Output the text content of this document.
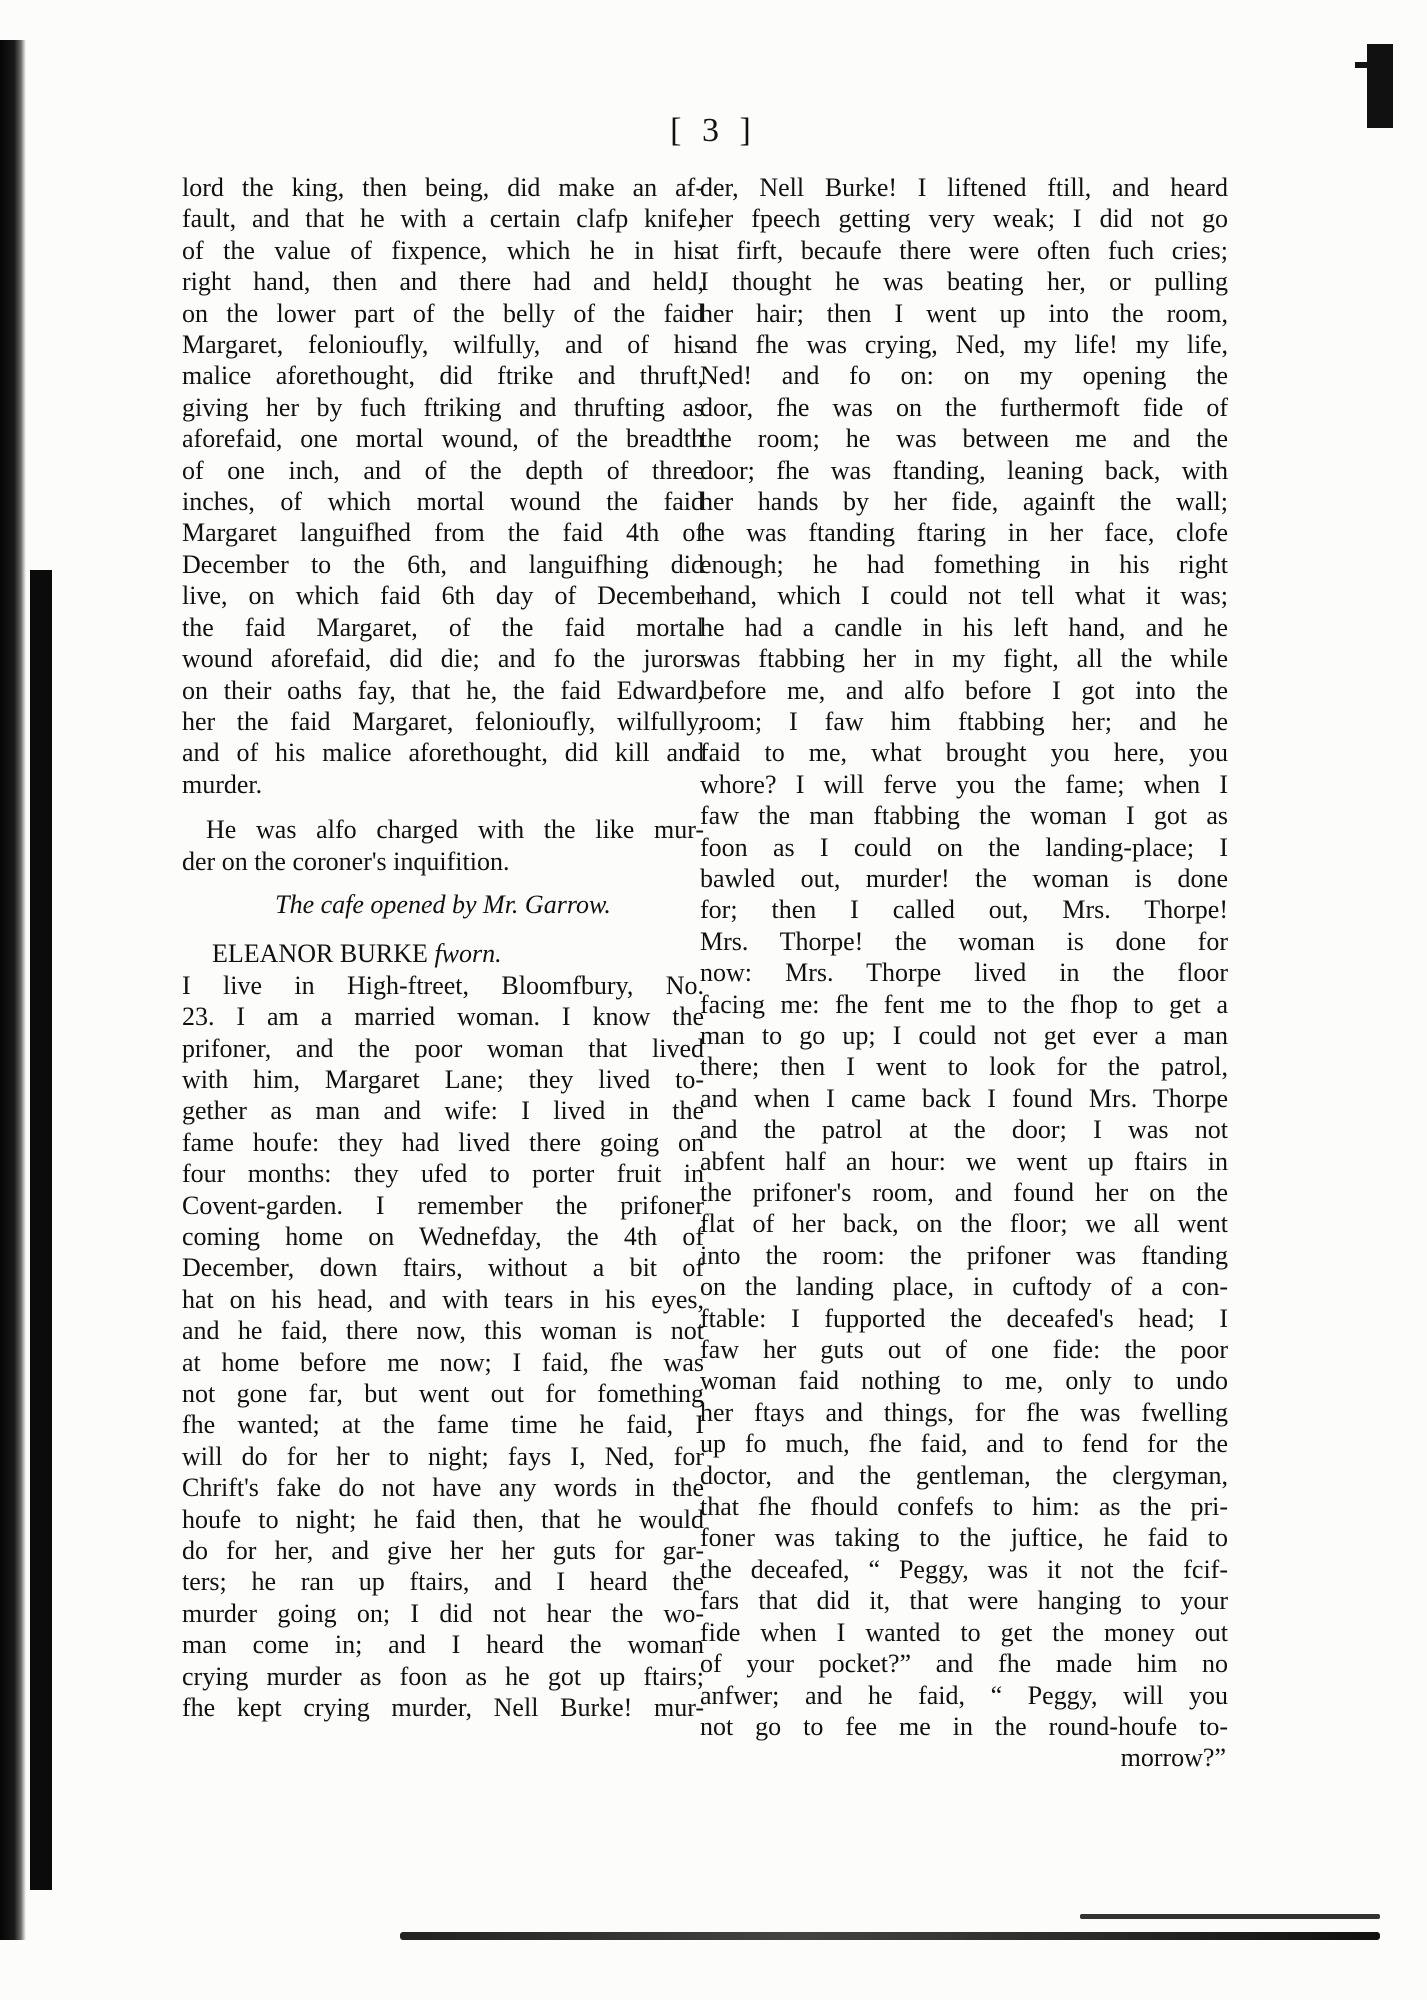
[ 3 ]
lord the king, then being, did make an af-
fault, and that he with a certain clafp knife,
of the value of fixpence, which he in his
right hand, then and there had and held,
on the lower part of the belly of the faid
Margaret, felonioufly, wilfully, and of his
malice aforethought, did ftrike and thruft,
giving her by fuch ftriking and thrufting as
aforefaid, one mortal wound, of the breadth
of one inch, and of the depth of three
inches, of which mortal wound the faid
Margaret languifhed from the faid 4th of
December to the 6th, and languifhing did
live, on which faid 6th day of December
the faid Margaret, of the faid mortal
wound aforefaid, did die; and fo the jurors
on their oaths fay, that he, the faid Edward,
her the faid Margaret, felonioufly, wilfully,
and of his malice aforethought, did kill and
murder.
He was alfo charged with the like mur-
der on the coroner's inquifition.
The cafe opened by Mr. Garrow.
ELEANOR BURKE fworn.
I live in High-ftreet, Bloomfbury, No.
23. I am a married woman. I know the
prifoner, and the poor woman that lived
with him, Margaret Lane; they lived to-
gether as man and wife: I lived in the
fame houfe: they had lived there going on
four months: they ufed to porter fruit in
Covent-garden. I remember the prifoner
coming home on Wednefday, the 4th of
December, down ftairs, without a bit of
hat on his head, and with tears in his eyes,
and he faid, there now, this woman is not
at home before me now; I faid, fhe was
not gone far, but went out for fomething
fhe wanted; at the fame time he faid, I
will do for her to night; fays I, Ned, for
Chrift's fake do not have any words in the
houfe to night; he faid then, that he would
do for her, and give her her guts for gar-
ters; he ran up ftairs, and I heard the
murder going on; I did not hear the wo-
man come in; and I heard the woman
crying murder as foon as he got up ftairs;
fhe kept crying murder, Nell Burke! mur-
der, Nell Burke! I liftened ftill, and heard
her fpeech getting very weak; I did not go
at firft, becaufe there were often fuch cries;
I thought he was beating her, or pulling
her hair; then I went up into the room,
and fhe was crying, Ned, my life! my life,
Ned! and fo on: on my opening the
door, fhe was on the furthermoft fide of
the room; he was between me and the
door; fhe was ftanding, leaning back, with
her hands by her fide, againft the wall;
he was ftanding ftaring in her face, clofe
enough; he had fomething in his right
hand, which I could not tell what it was;
he had a candle in his left hand, and he
was ftabbing her in my fight, all the while
before me, and alfo before I got into the
room; I faw him ftabbing her; and he
faid to me, what brought you here, you
whore? I will ferve you the fame; when I
faw the man ftabbing the woman I got as
foon as I could on the landing-place; I
bawled out, murder! the woman is done
for; then I called out, Mrs. Thorpe!
Mrs. Thorpe! the woman is done for
now: Mrs. Thorpe lived in the floor
facing me: fhe fent me to the fhop to get a
man to go up; I could not get ever a man
there; then I went to look for the patrol,
and when I came back I found Mrs. Thorpe
and the patrol at the door; I was not
abfent half an hour: we went up ftairs in
the prifoner's room, and found her on the
flat of her back, on the floor; we all went
into the room: the prifoner was ftanding
on the landing place, in cuftody of a con-
ftable: I fupported the deceafed's head; I
faw her guts out of one fide: the poor
woman faid nothing to me, only to undo
her ftays and things, for fhe was fwelling
up fo much, fhe faid, and to fend for the
doctor, and the gentleman, the clergyman,
that fhe fhould confefs to him: as the pri-
foner was taking to the juftice, he faid to
the deceafed, “ Peggy, was it not the fcif-
fars that did it, that were hanging to your
fide when I wanted to get the money out
of your pocket?” and fhe made him no
anfwer; and he faid, “ Peggy, will you
not go to fee me in the round-houfe to-
morrow?”
